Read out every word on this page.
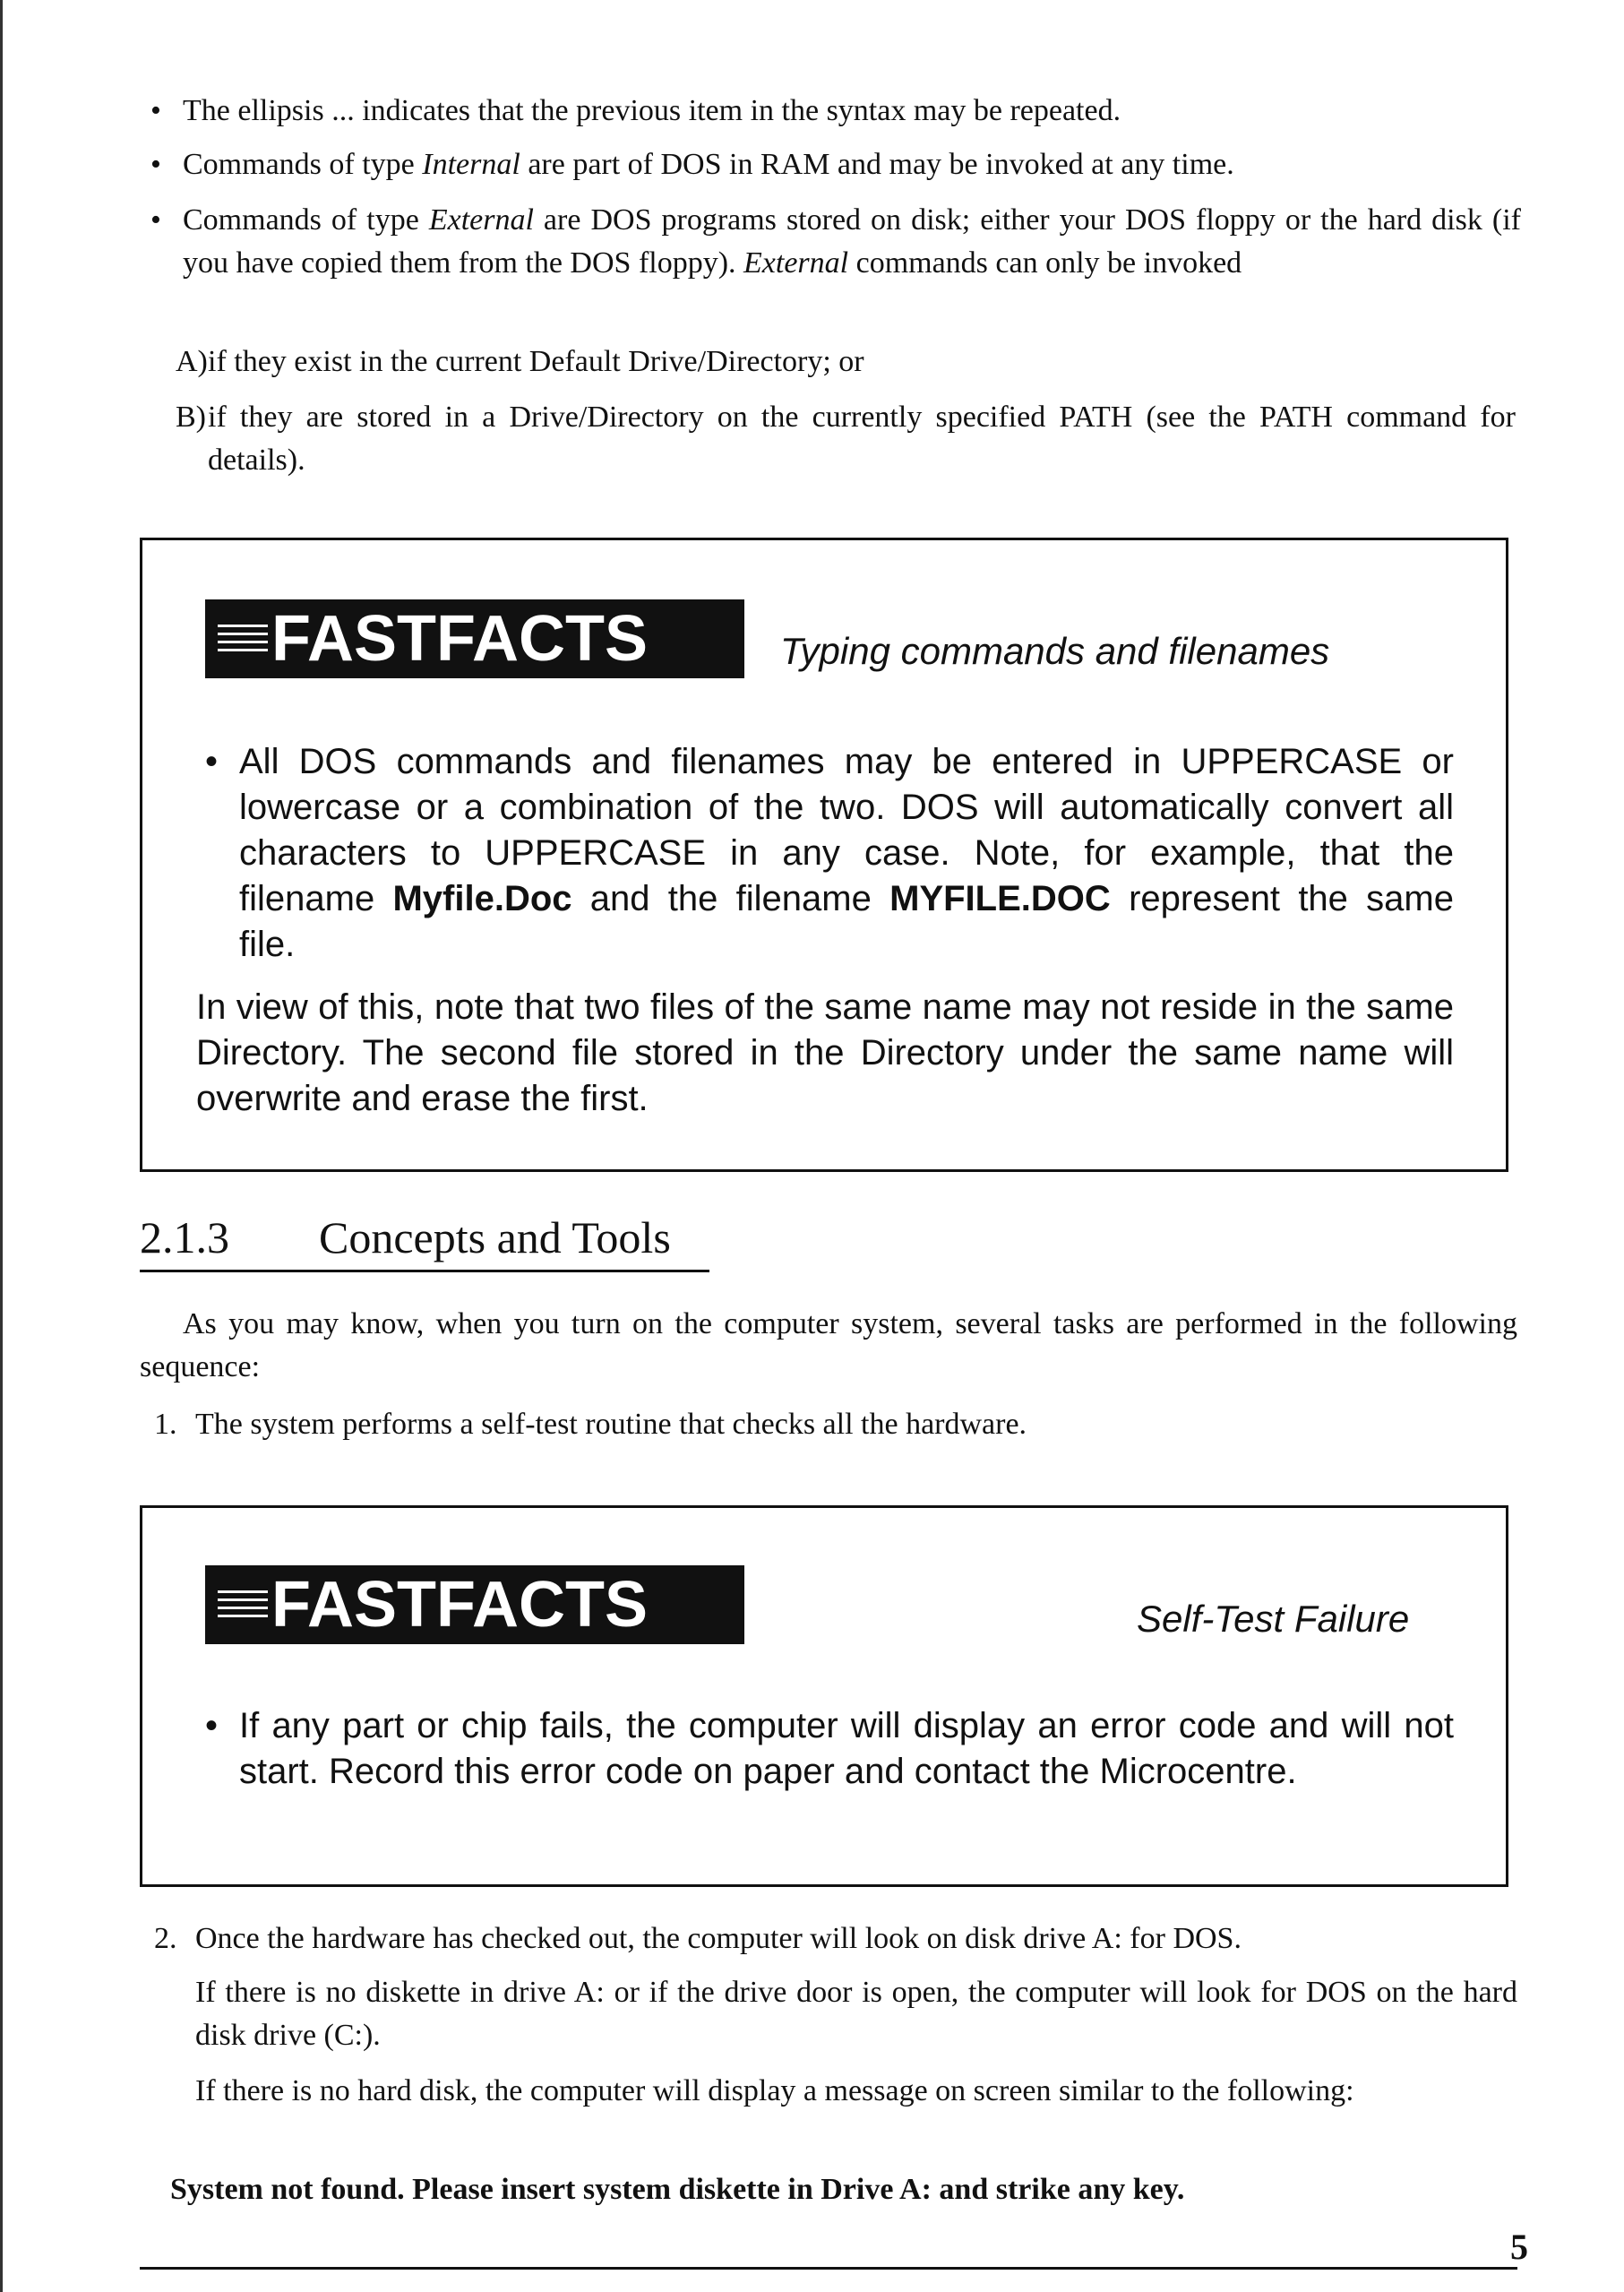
• The ellipsis ... indicates that the previous item in the syntax may be repeated.
• Commands of type Internal are part of DOS in RAM and may be invoked at any time.
• Commands of type External are DOS programs stored on disk; either your DOS floppy or the hard disk (if you have copied them from the DOS floppy). External commands can only be invoked
A) if they exist in the current Default Drive/Directory; or
B) if they are stored in a Drive/Directory on the currently specified PATH (see the PATH command for details).
FASTFACTS	Typing commands and filenames
• All DOS commands and filenames may be entered in UPPERCASE or lowercase or a combination of the two. DOS will automatically convert all characters to UPPERCASE in any case. Note, for example, that the filename Myfile.Doc and the filename MYFILE.DOC represent the same file.
In view of this, note that two files of the same name may not reside in the same Directory. The second file stored in the Directory under the same name will overwrite and erase the first.
2.1.3 Concepts and Tools
As you may know, when you turn on the computer system, several tasks are performed in the following sequence:
1. The system performs a self-test routine that checks all the hardware.
FASTFACTS	Self-Test Failure
• If any part or chip fails, the computer will display an error code and will not start. Record this error code on paper and contact the Microcentre.
2. Once the hardware has checked out, the computer will look on disk drive A: for DOS.
If there is no diskette in drive A: or if the drive door is open, the computer will look for DOS on the hard disk drive (C:).
If there is no hard disk, the computer will display a message on screen similar to the following:
System not found. Please insert system diskette in Drive A: and strike any key.
5
